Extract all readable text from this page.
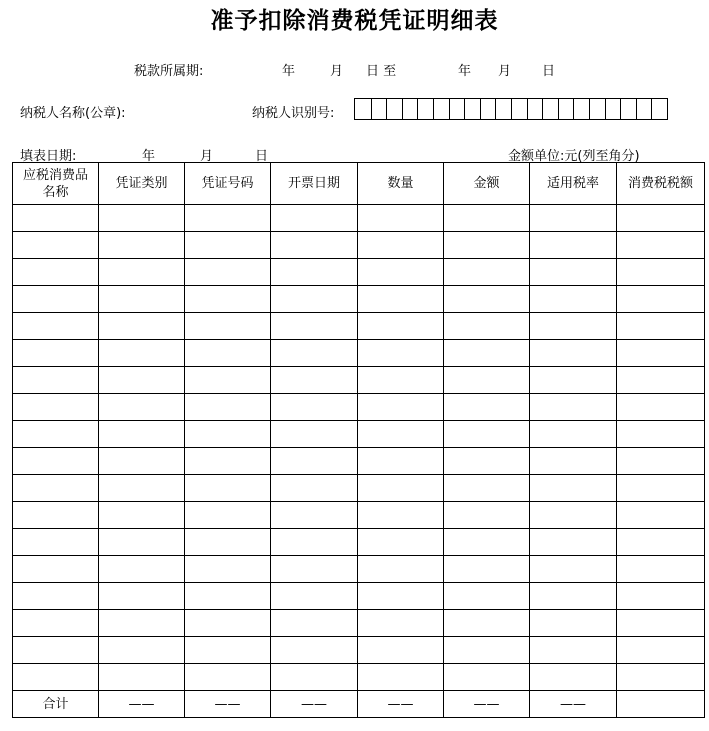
准予扣除消费税凭证明细表
税款所属期:	年	月 日 至	年 月 日
纳税人名称(公章):	纳税人识别号:
填表日期:	年	月	日	金额单位:元(列至角分)
应税消费品名称	凭证类别	凭证号码	开票日期	数量	金额	适用税率	消费税税额

合计	——	——	——	——	——	——	
